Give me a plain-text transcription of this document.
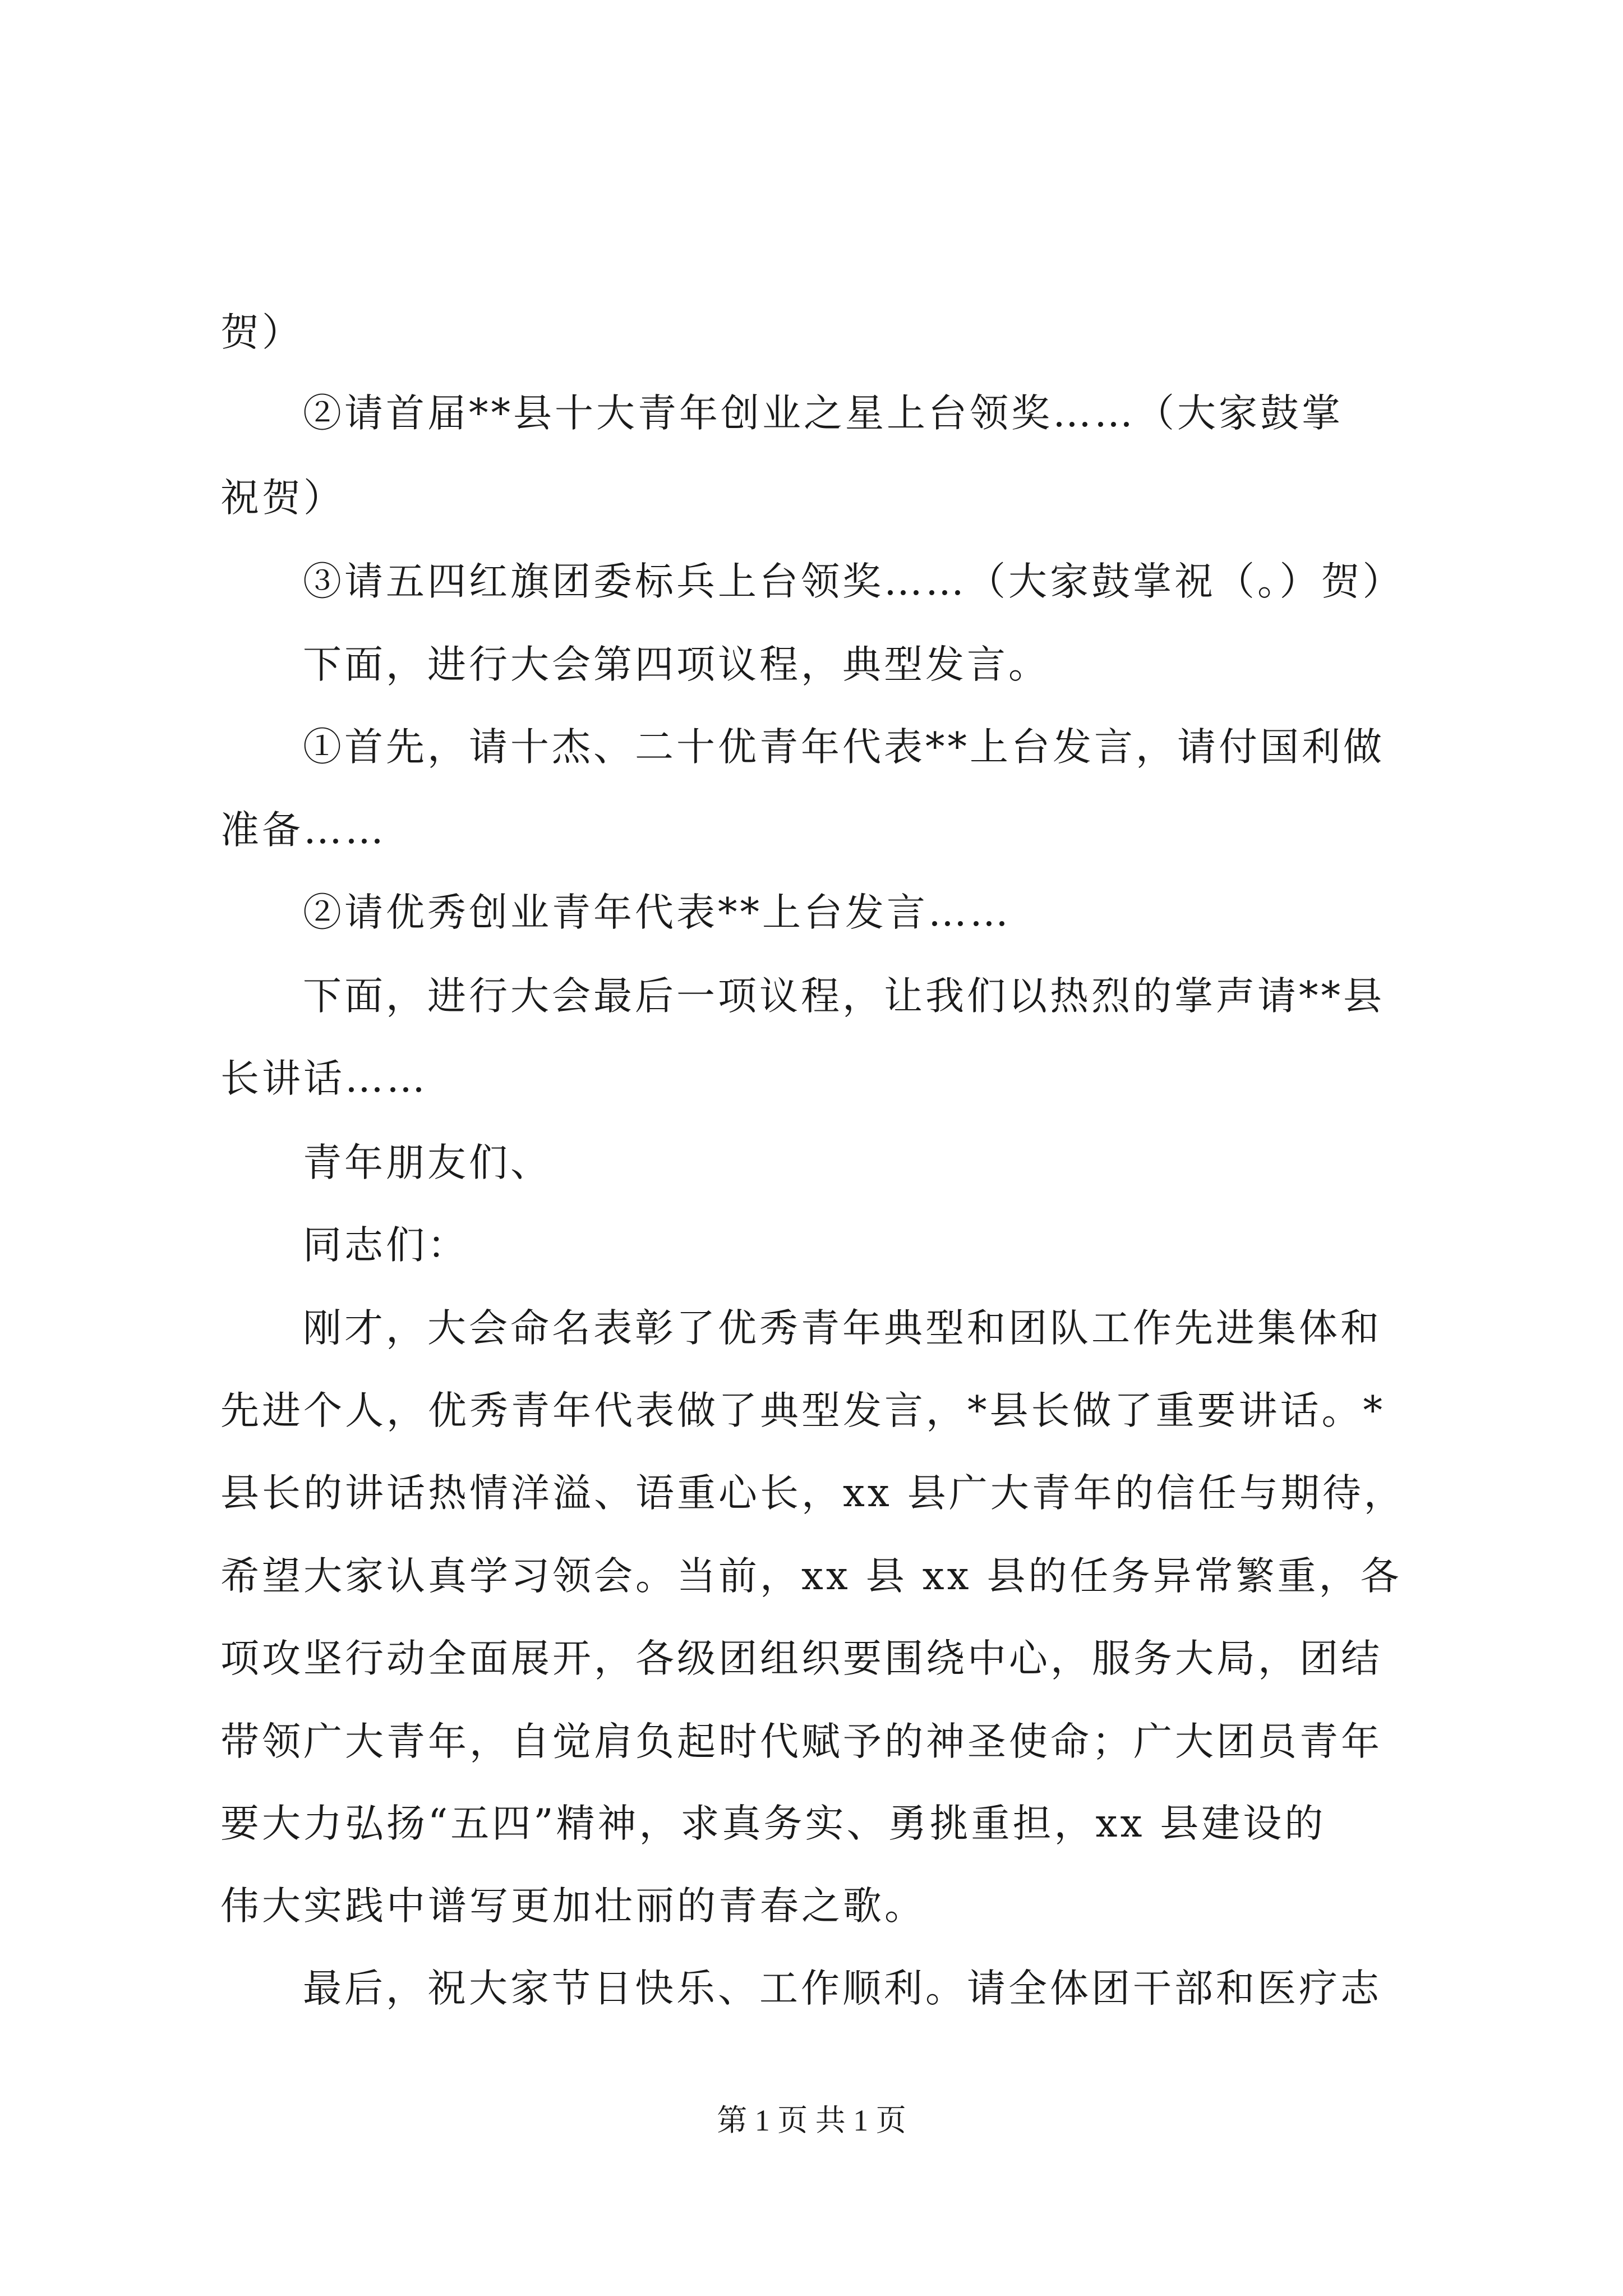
贺）
②请首届**县十大青年创业之星上台领奖……（大家鼓掌
祝贺）
③请五四红旗团委标兵上台领奖……（大家鼓掌祝（。）贺）
下面，进行大会第四项议程，典型发言。
①首先，请十杰、二十优青年代表**上台发言，请付国利做
准备……
②请优秀创业青年代表**上台发言……
下面，进行大会最后一项议程，让我们以热烈的掌声请**县
长讲话……
青年朋友们、
同志们：
刚才，大会命名表彰了优秀青年典型和团队工作先进集体和
先进个人，优秀青年代表做了典型发言，*县长做了重要讲话。*
县长的讲话热情洋溢、语重心长，xx 县广大青年的信任与期待，
希望大家认真学习领会。当前，xx 县 xx 县的任务异常繁重，各
项攻坚行动全面展开，各级团组织要围绕中心，服务大局，团结
带领广大青年，自觉肩负起时代赋予的神圣使命；广大团员青年
要大力弘扬“五四”精神，求真务实、勇挑重担，xx 县建设的
伟大实践中谱写更加壮丽的青春之歌。
最后，祝大家节日快乐、工作顺利。请全体团干部和医疗志
第 1 页 共 1 页
